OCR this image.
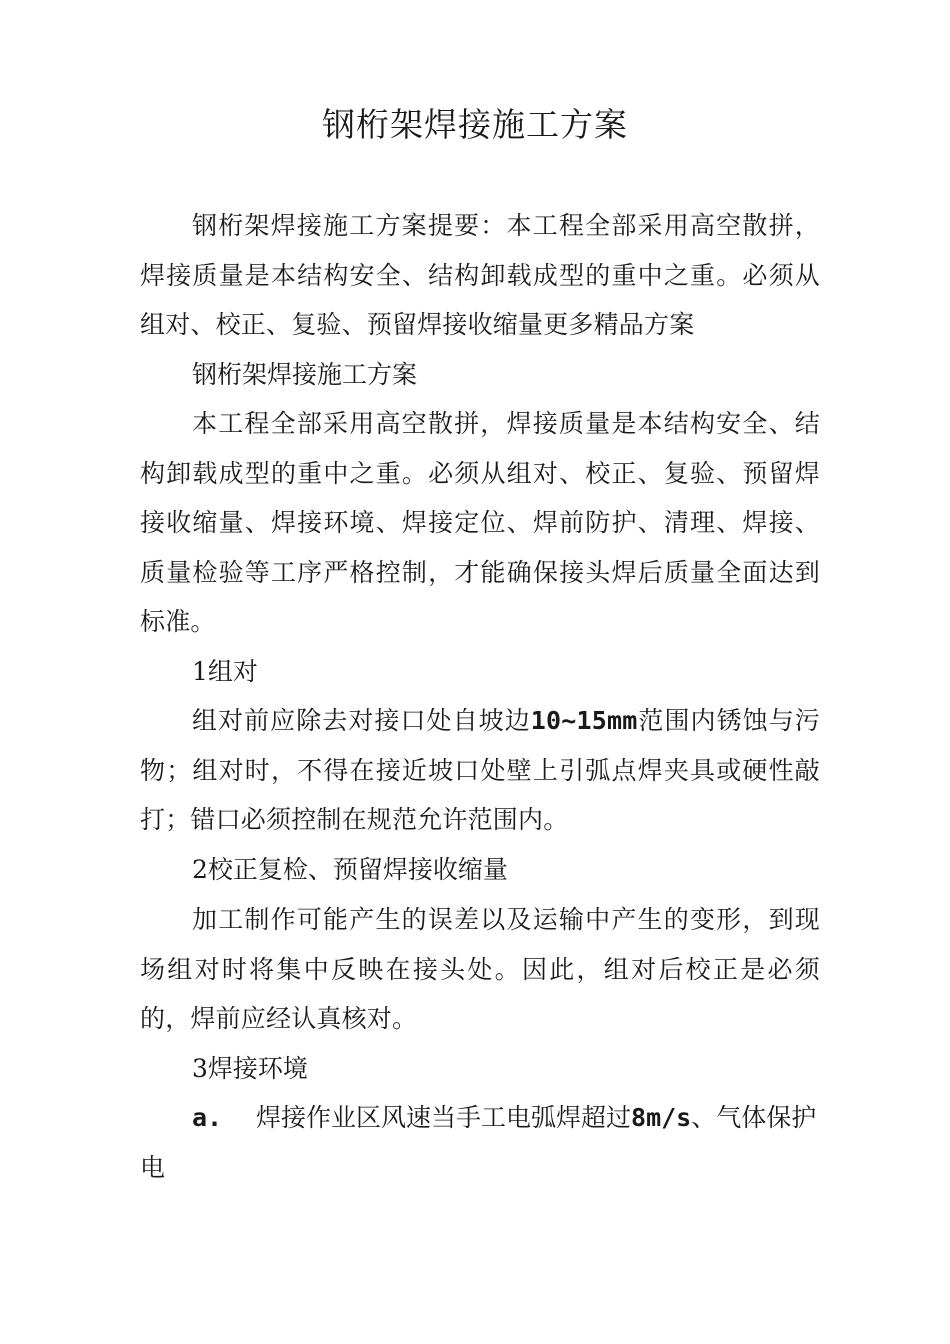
钢桁架焊接施工方案

钢桁架焊接施工方案提要：本工程全部采用高空散拼，焊接质量是本结构安全、结构卸载成型的重中之重。必须从组对、校正、复验、预留焊接收缩量更多精品方案

钢桁架焊接施工方案

本工程全部采用高空散拼，焊接质量是本结构安全、结构卸载成型的重中之重。必须从组对、校正、复验、预留焊接收缩量、焊接环境、焊接定位、焊前防护、清理、焊接、质量检验等工序严格控制，才能确保接头焊后质量全面达到标准。

1组对

组对前应除去对接口处自坡边10~15mm范围内锈蚀与污物；组对时，不得在接近坡口处壁上引弧点焊夹具或硬性敲打；错口必须控制在规范允许范围内。

2校正复检、预留焊接收缩量

加工制作可能产生的误差以及运输中产生的变形，到现场组对时将集中反映在接头处。因此，组对后校正是必须的，焊前应经认真核对。

3焊接环境

a. 焊接作业区风速当手工电弧焊超过8m/s、气体保护电
